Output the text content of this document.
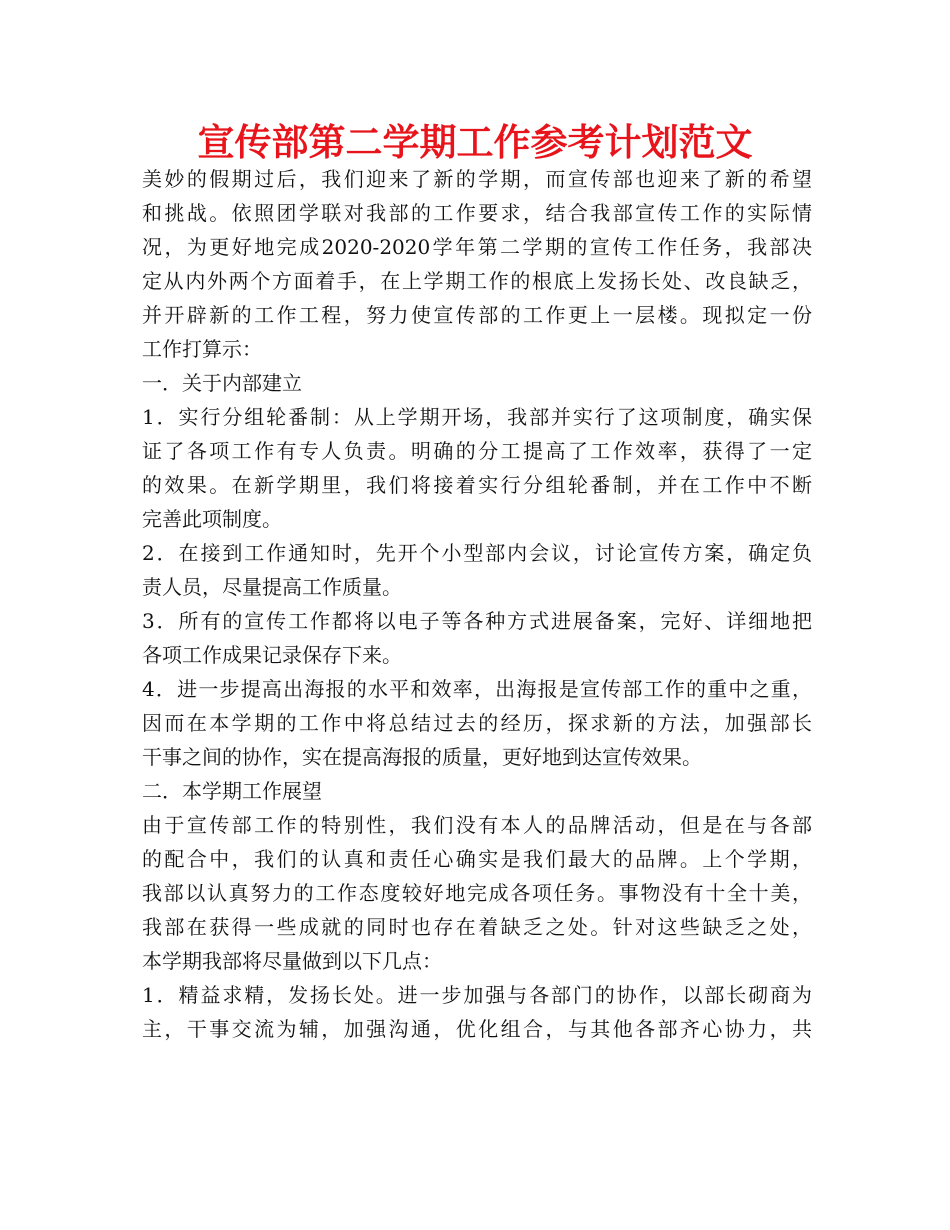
宣传部第二学期工作参考计划范文
美妙的假期过后，我们迎来了新的学期，而宣传部也迎来了新的希望
和挑战。依照团学联对我部的工作要求，结合我部宣传工作的实际情
况，为更好地完成2020-2020学年第二学期的宣传工作任务，我部决
定从内外两个方面着手，在上学期工作的根底上发扬长处、改良缺乏，
并开辟新的工作工程，努力使宣传部的工作更上一层楼。现拟定一份
工作打算示：
一．关于内部建立
1．实行分组轮番制：从上学期开场，我部并实行了这项制度，确实保
证了各项工作有专人负责。明确的分工提高了工作效率，获得了一定
的效果。在新学期里，我们将接着实行分组轮番制，并在工作中不断
完善此项制度。
2．在接到工作通知时，先开个小型部内会议，讨论宣传方案，确定负
责人员，尽量提高工作质量。
3．所有的宣传工作都将以电子等各种方式进展备案，完好、详细地把
各项工作成果记录保存下来。
4．进一步提高出海报的水平和效率，出海报是宣传部工作的重中之重，
因而在本学期的工作中将总结过去的经历，探求新的方法，加强部长
干事之间的协作，实在提高海报的质量，更好地到达宣传效果。
二．本学期工作展望
由于宣传部工作的特别性，我们没有本人的品牌活动，但是在与各部
的配合中，我们的认真和责任心确实是我们最大的品牌。上个学期，
我部以认真努力的工作态度较好地完成各项任务。事物没有十全十美，
我部在获得一些成就的同时也存在着缺乏之处。针对这些缺乏之处，
本学期我部将尽量做到以下几点：
1．精益求精，发扬长处。进一步加强与各部门的协作，以部长砌商为
主，干事交流为辅，加强沟通，优化组合，与其他各部齐心协力，共
